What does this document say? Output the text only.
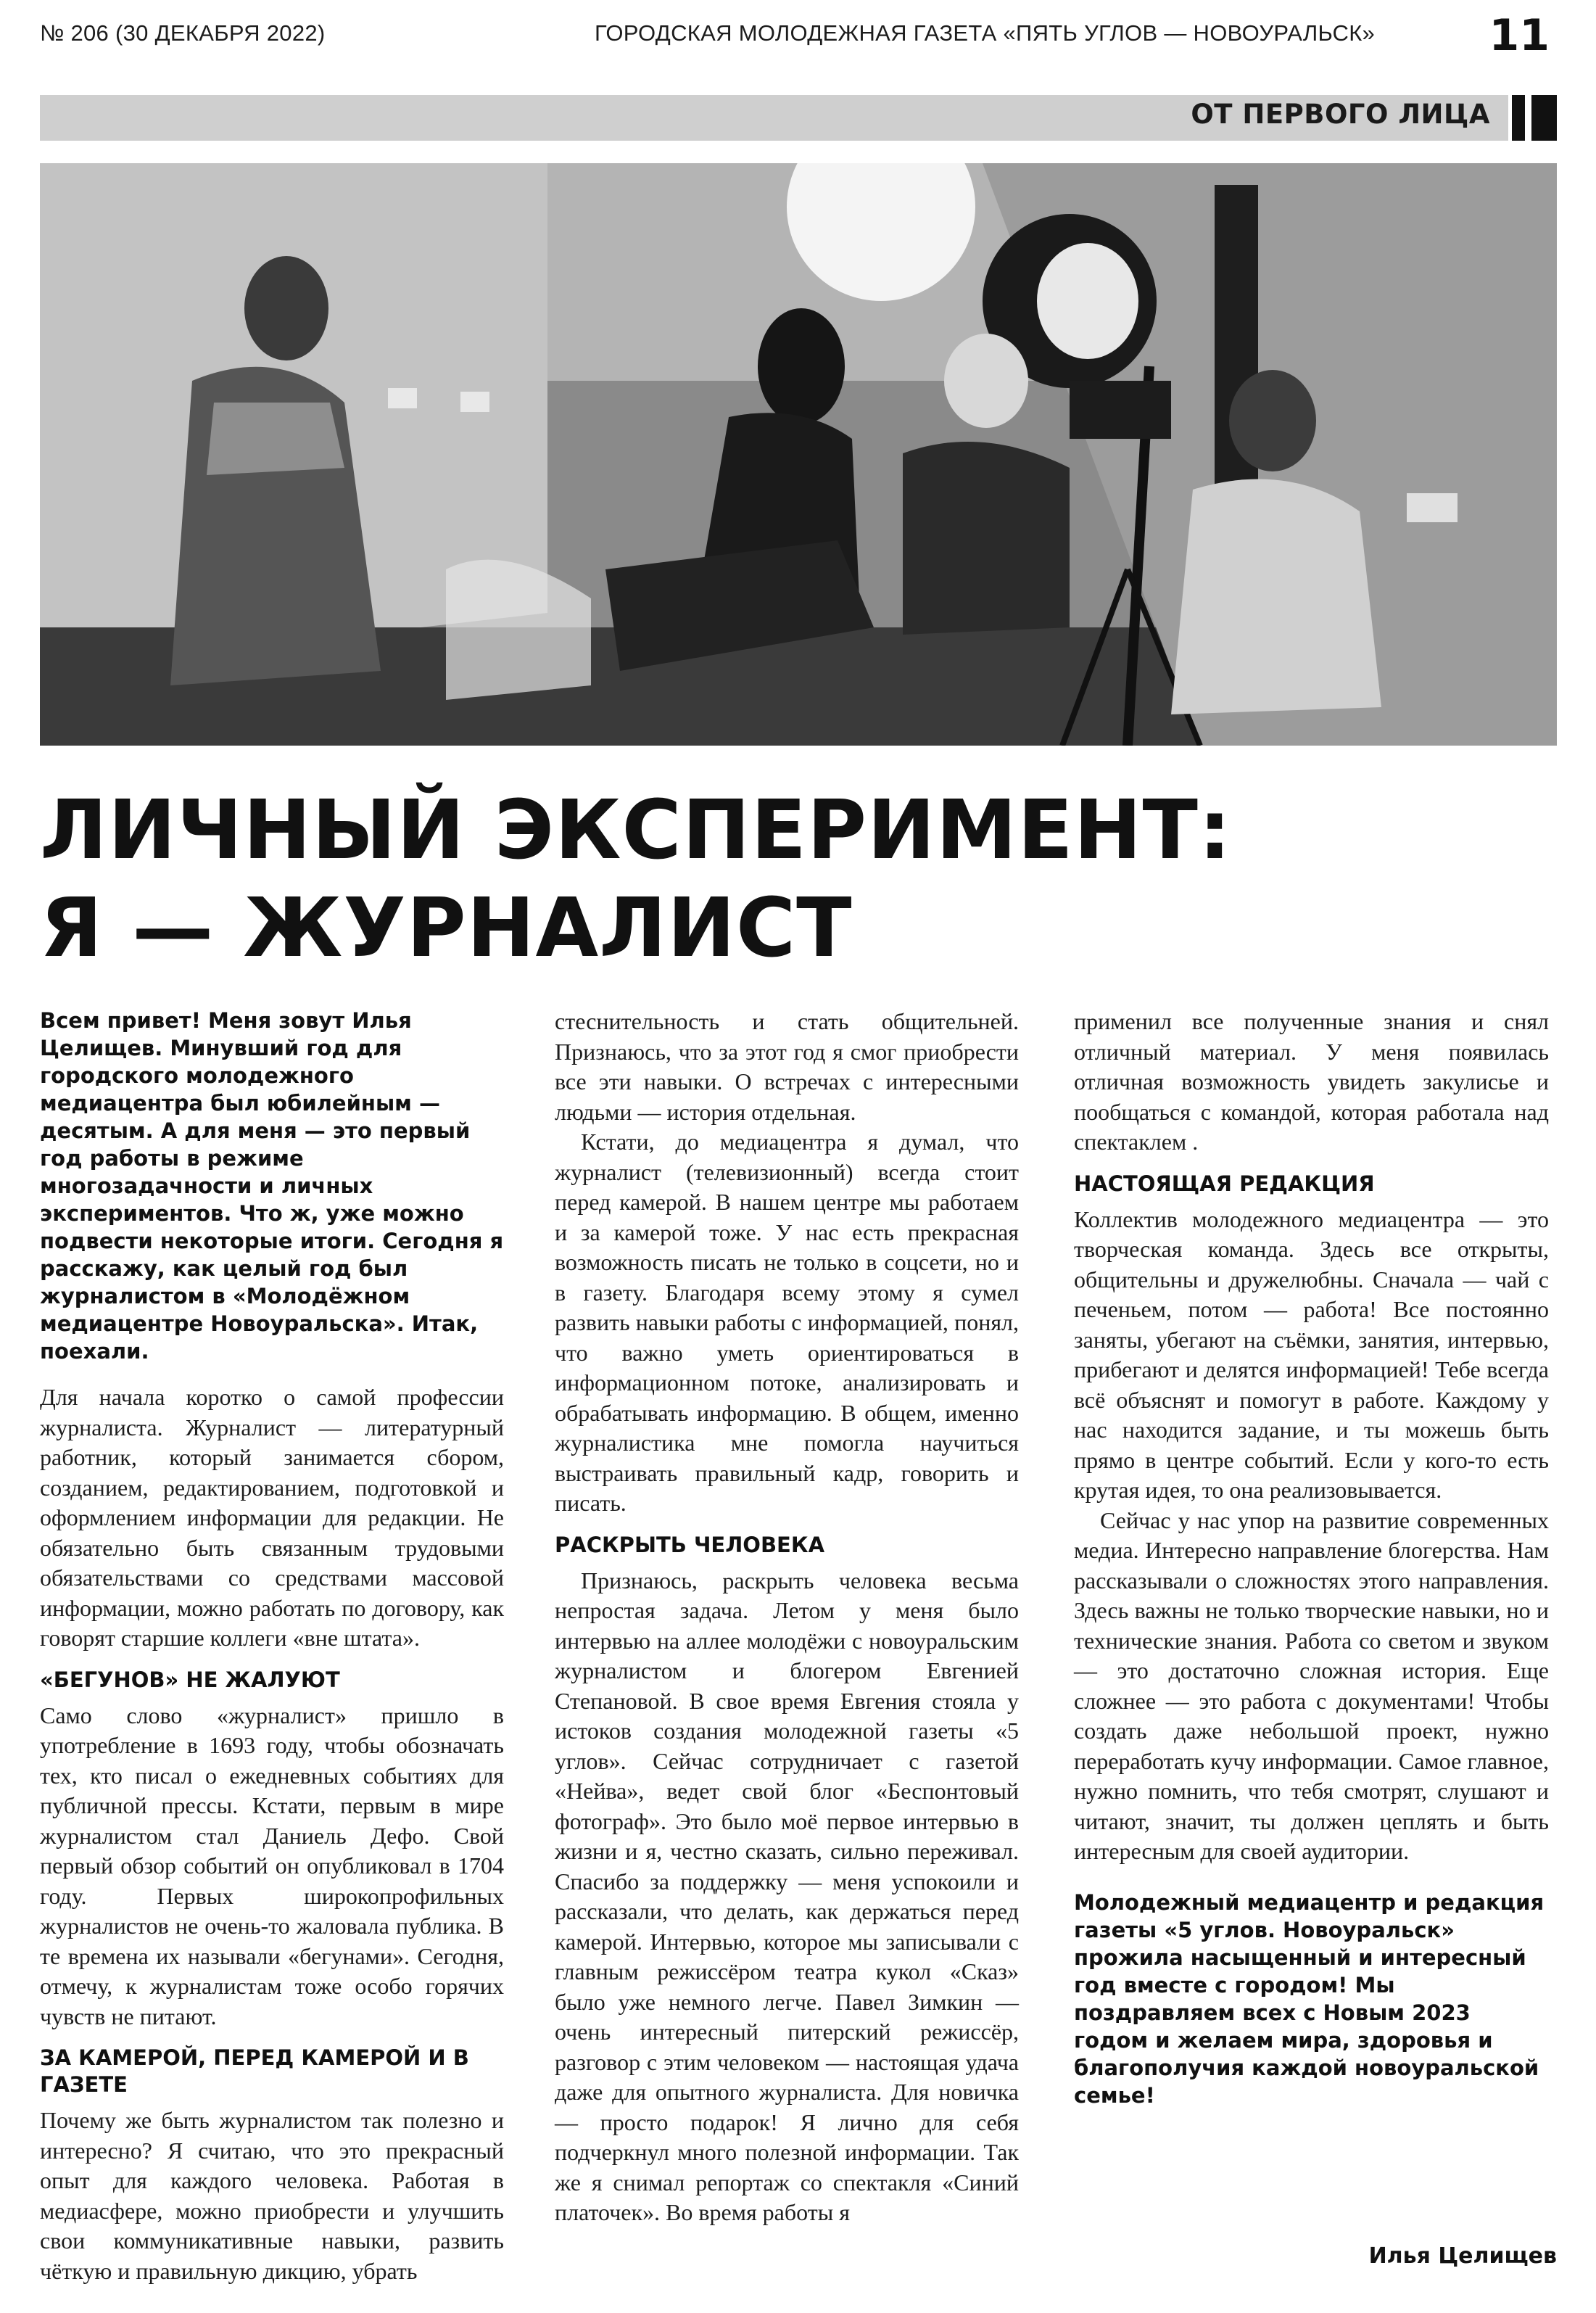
№ 206 (30 ДЕКАБРЯ 2022)	ГОРОДСКАЯ МОЛОДЕЖНАЯ ГАЗЕТА «ПЯТЬ УГЛОВ — НОВОУРАЛЬСК»	11
ОТ ПЕРВОГО ЛИЦА
ЛИЧНЫЙ ЭКСПЕРИМЕНТ:
Я — ЖУРНАЛИСТ

Всем привет! Меня зовут Илья Целищев. Минувший год для городского молодежного медиацентра был юбилейным — десятым. А для меня — это первый год работы в режиме многозадачности и личных экспериментов. Что ж, уже можно подвести некоторые итоги. Сегодня я расскажу, как целый год был журналистом в «Молодёжном медиацентре Новоуральска». Итак, поехали.

Для начала коротко о самой профессии журналиста. Журналист — литературный работник, который занимается сбором, созданием, редактированием, подготовкой и оформлением информации для редакции. Не обязательно быть связанным трудовыми обязательствами со средствами массовой информации, можно работать по договору, как говорят старшие коллеги «вне штата».

«БЕГУНОВ» НЕ ЖАЛУЮТ

Само слово «журналист» пришло в употребление в 1693 году, чтобы обозначать тех, кто писал о ежедневных событиях для публичной прессы. Кстати, первым в мире журналистом стал Даниель Дефо. Свой первый обзор событий он опубликовал в 1704 году. Первых широкопрофильных журналистов не очень-то жаловала публика. В те времена их называли «бегунами». Сегодня, отмечу, к журналистам тоже особо горячих чувств не питают.

ЗА КАМЕРОЙ, ПЕРЕД КАМЕРОЙ И В ГАЗЕТЕ

Почему же быть журналистом так полезно и интересно? Я считаю, что это прекрасный опыт для каждого человека. Работая в медиасфере, можно приобрести и улучшить свои коммуникативные навыки, развить чёткую и правильную дикцию, убрать

стеснительность и стать общительней. Признаюсь, что за этот год я смог приобрести все эти навыки. О встречах с интересными людьми — история отдельная.

Кстати, до медиацентра я думал, что журналист (телевизионный) всегда стоит перед камерой. В нашем центре мы работаем и за камерой тоже. У нас есть прекрасная возможность писать не только в соцсети, но и в газету. Благодаря всему этому я сумел развить навыки работы с информацией, понял, что важно уметь ориентироваться в информационном потоке, анализировать и обрабатывать информацию. В общем, именно журналистика мне помогла научиться выстраивать правильный кадр, говорить и писать.

РАСКРЫТЬ ЧЕЛОВЕКА

Признаюсь, раскрыть человека весьма непростая задача. Летом у меня было интервью на аллее молодёжи с новоуральским журналистом и блогером Евгенией Степановой. В свое время Евгения стояла у истоков создания молодежной газеты «5 углов». Сейчас сотрудничает с газетой «Нейва», ведет свой блог «Беспонтовый фотограф». Это было моё первое интервью в жизни и я, честно сказать, сильно переживал. Спасибо за поддержку — меня успокоили и рассказали, что делать, как держаться перед камерой. Интервью, которое мы записывали с главным режиссёром театра кукол «Сказ» было уже немного легче. Павел Зимкин — очень интересный питерский режиссёр, разговор с этим человеком — настоящая удача даже для опытного журналиста. Для новичка — просто подарок! Я лично для себя подчеркнул много полезной информации. Так же я снимал репортаж со спектакля «Синий платочек». Во время работы я

применил все полученные знания и снял отличный материал. У меня появилась отличная возможность увидеть закулисье и пообщаться с командой, которая работала над спектаклем .

НАСТОЯЩАЯ РЕДАКЦИЯ

Коллектив молодежного медиацентра — это творческая команда. Здесь все открыты, общительны и дружелюбны. Сначала — чай с печеньем, потом — работа! Все постоянно заняты, убегают на съёмки, занятия, интервью, прибегают и делятся информацией! Тебе всегда всё объяснят и помогут в работе. Каждому у нас находится задание, и ты можешь быть прямо в центре событий. Если у кого-то есть крутая идея, то она реализовывается.

Сейчас у нас упор на развитие современных медиа. Интересно направление блогерства. Нам рассказывали о сложностях этого направления. Здесь важны не только творческие навыки, но и технические знания. Работа со светом и звуком — это достаточно сложная история. Еще сложнее — это работа с документами! Чтобы создать даже небольшой проект, нужно переработать кучу информации. Самое главное, нужно помнить, что тебя смотрят, слушают и читают, значит, ты должен цеплять и быть интересным для своей аудитории.

Молодежный медиацентр и редакция газеты «5 углов. Новоуральск» прожила насыщенный и интересный год вместе с городом! Мы поздравляем всех с Новым 2023 годом и желаем мира, здоровья и благополучия каждой новоуральской семье!

Илья Целищев
